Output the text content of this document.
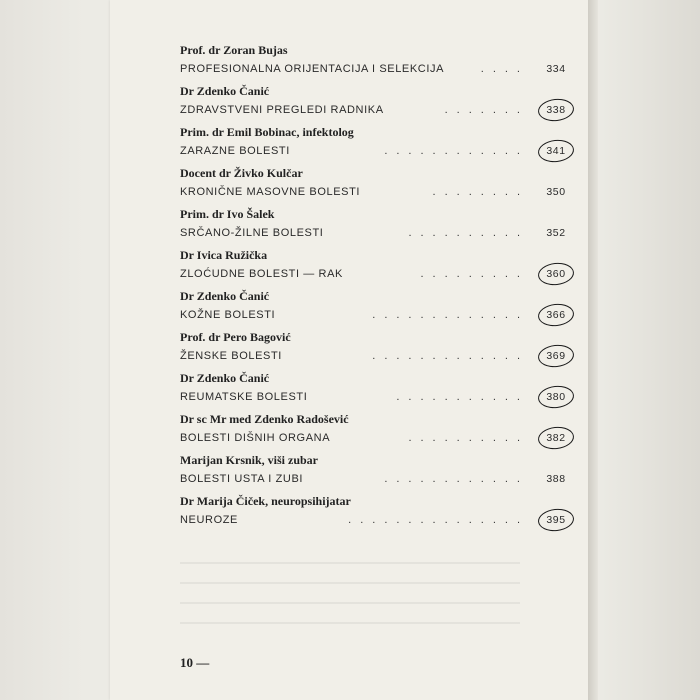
Prof. dr Zoran Bujas
PROFESIONALNA ORIJENTACIJA I SELEKCIJA	334
....
Dr Zdenko Čanić
ZDRAVSTVENI PREGLEDI RADNIKA	338
.......
Prim. dr Emil Bobinac, infektolog
ZARAZNE BOLESTI	341
............
Docent dr Živko Kulčar
KRONIČNE MASOVNE BOLESTI	350
........
Prim. dr Ivo Šalek
SRČANO-ŽILNE BOLESTI	352
..........
Dr Ivica Ružička
ZLOĆUDNE BOLESTI — RAK	360
.........
Dr Zdenko Čanić
KOŽNE BOLESTI	366
.............
Prof. dr Pero Bagović
ŽENSKE BOLESTI	369
.............
Dr Zdenko Čanić
REUMATSKE BOLESTI	380
...........
Dr sc Mr med Zdenko Radošević
BOLESTI DIŠNIH ORGANA	382
..........
Marijan Krsnik, viši zubar
BOLESTI USTA I ZUBI	388
............
Dr Marija Čiček, neuropsihijatar
NEUROZE	395
...............
10 —
